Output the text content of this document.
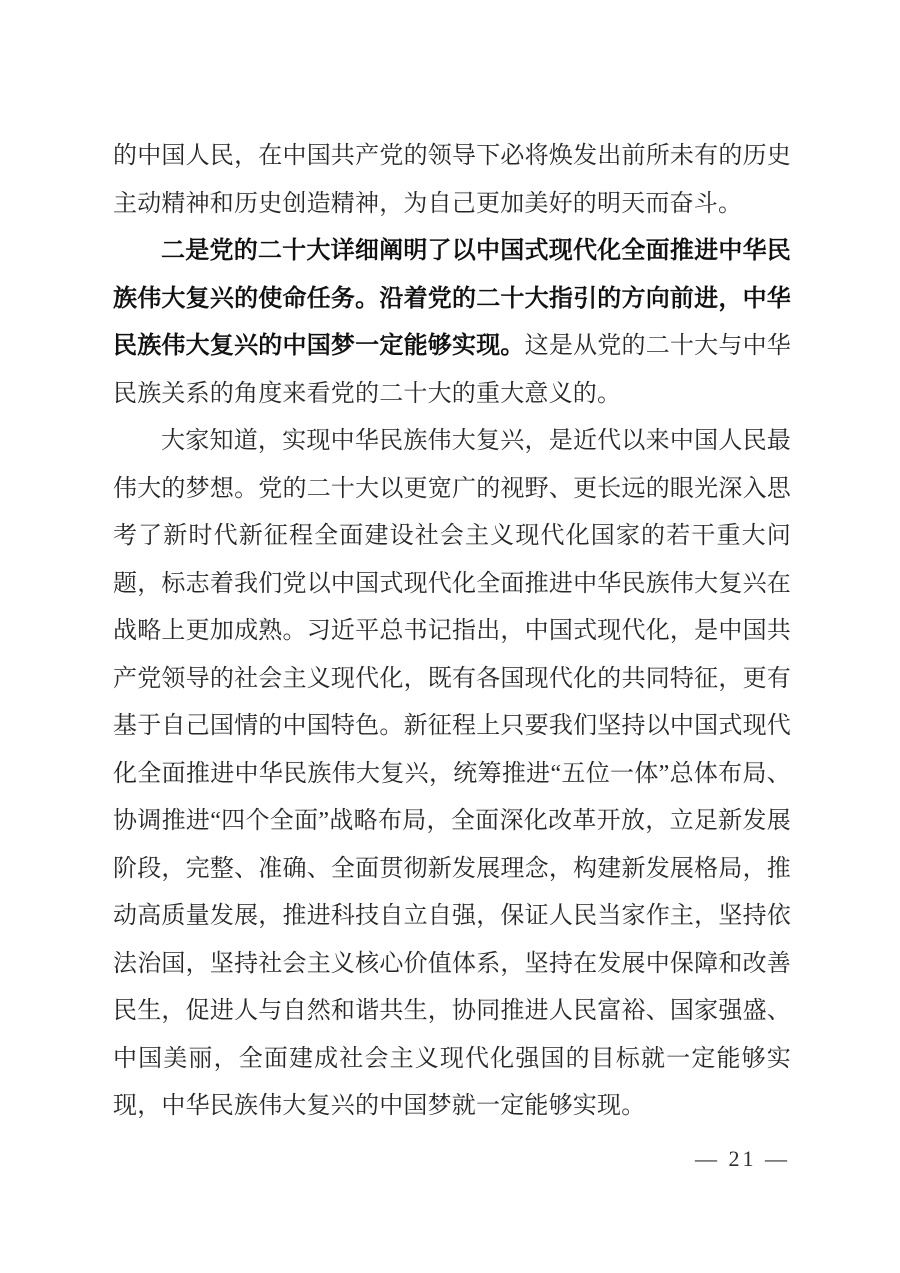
的中国人民，在中国共产党的领导下必将焕发出前所未有的历史主动精神和历史创造精神，为自己更加美好的明天而奋斗。

二是党的二十大详细阐明了以中国式现代化全面推进中华民族伟大复兴的使命任务。沿着党的二十大指引的方向前进，中华民族伟大复兴的中国梦一定能够实现。这是从党的二十大与中华民族关系的角度来看党的二十大的重大意义的。

大家知道，实现中华民族伟大复兴，是近代以来中国人民最伟大的梦想。党的二十大以更宽广的视野、更长远的眼光深入思考了新时代新征程全面建设社会主义现代化国家的若干重大问题，标志着我们党以中国式现代化全面推进中华民族伟大复兴在战略上更加成熟。习近平总书记指出，中国式现代化，是中国共产党领导的社会主义现代化，既有各国现代化的共同特征，更有基于自己国情的中国特色。新征程上只要我们坚持以中国式现代化全面推进中华民族伟大复兴，统筹推进“五位一体”总体布局、协调推进“四个全面”战略布局，全面深化改革开放，立足新发展阶段，完整、准确、全面贯彻新发展理念，构建新发展格局，推动高质量发展，推进科技自立自强，保证人民当家作主，坚持依法治国，坚持社会主义核心价值体系，坚持在发展中保障和改善民生，促进人与自然和谐共生，协同推进人民富裕、国家强盛、中国美丽，全面建成社会主义现代化强国的目标就一定能够实现，中华民族伟大复兴的中国梦就一定能够实现。

— 21 —
